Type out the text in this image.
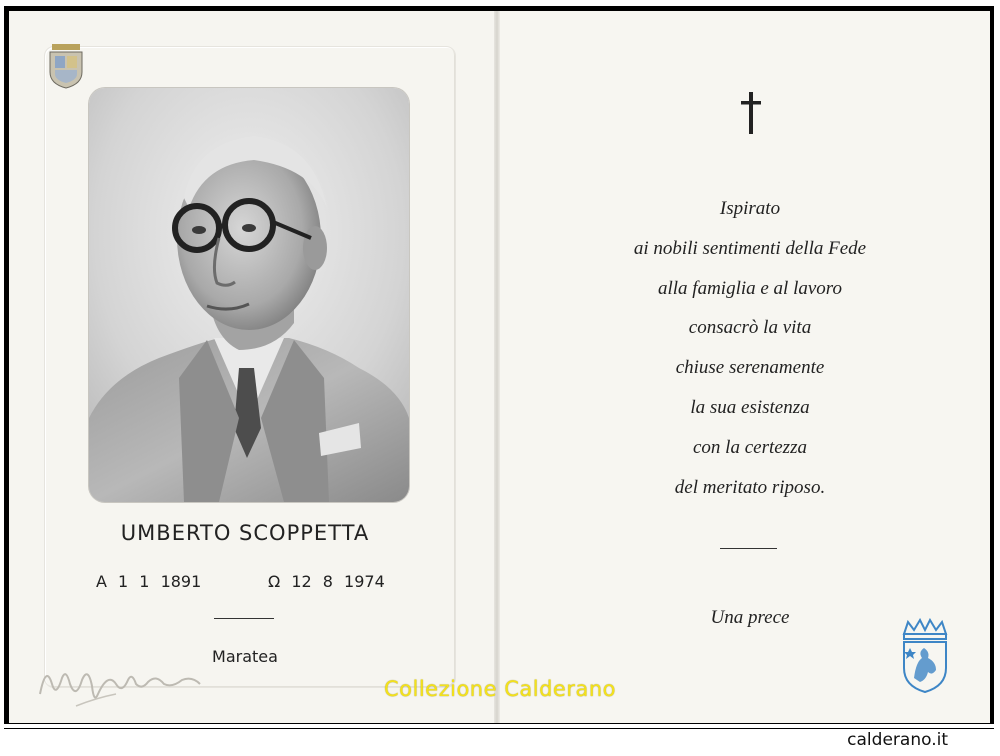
UMBERTO SCOPPETTA
A 1 1 1891	Ω 12 8 1974
Maratea
Ispirato
ai nobili sentimenti della Fede
alla famiglia e al lavoro
consacrò la vita
chiuse serenamente
la sua esistenza
con la certezza
del meritato riposo.
Una prece
Collezione Calderano
calderano.it
